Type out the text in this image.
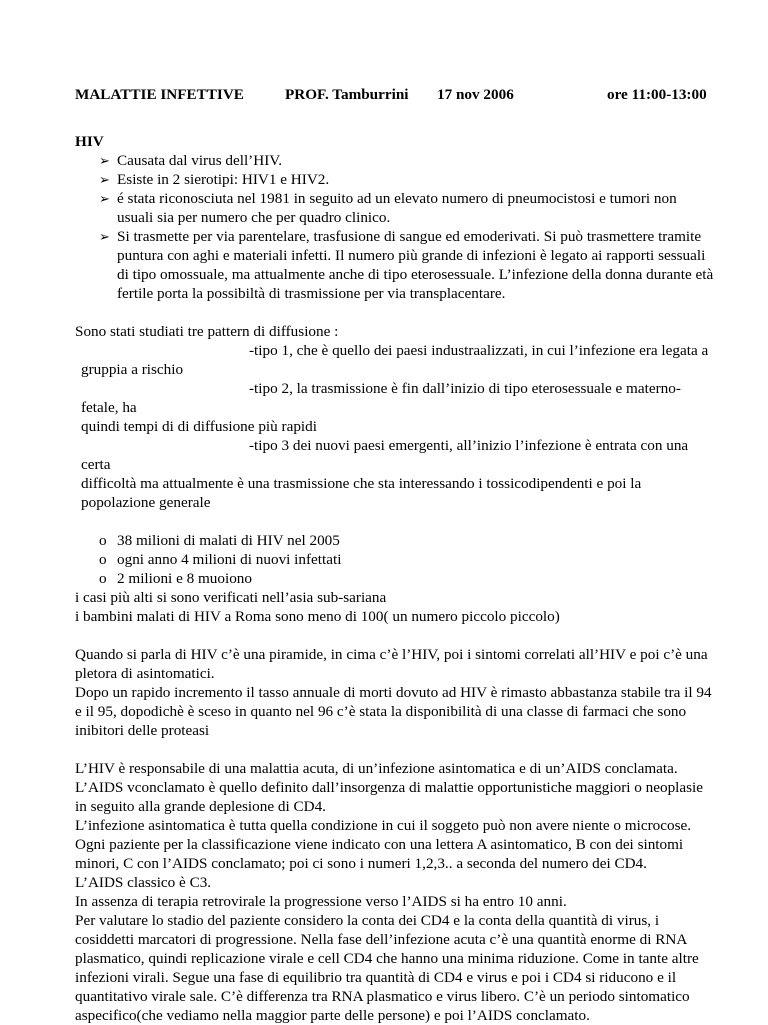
MALATTIE INFETTIVE	PROF. Tamburrini 17 nov 2006	ore 11:00-13:00

HIV

➢ Causata dal virus dell’HIV.
➢ Esiste in 2 sierotipi: HIV1 e HIV2.
➢ é stata riconosciuta nel 1981 in seguito ad un elevato numero di pneumocistosi e tumori non usuali sia per numero che per quadro clinico.
➢ Si trasmette per via parentelare, trasfusione di sangue ed emoderivati. Si può trasmettere tramite puntura con aghi e materiali infetti. Il numero più grande di infezioni è legato ai rapporti sessuali di tipo omossuale, ma attualmente anche di tipo eterosessuale. L’infezione della donna durante età fertile porta la possibiltà di trasmissione per via transplacentare.

Sono stati studiati tre pattern di diffusione :

-tipo 1, che è quello dei paesi industraalizzati, in cui l’infezione era legata a
gruppia a rischio

-tipo 2, la trasmissione è fin dall’inizio di tipo eterosessuale e materno-fetale, ha
quindi tempi di di diffusione più rapidi

-tipo 3 dei nuovi paesi emergenti, all’inizio l’infezione è entrata con una certa
difficoltà ma attualmente è una trasmissione che sta interessando i tossicodipendenti e poi la popolazione generale

o 38 milioni di malati di HIV nel 2005
o ogni anno 4 milioni di nuovi infettati
o 2 milioni e 8 muoiono

i casi più alti si sono verificati nell’asia sub-sariana

i bambini malati di HIV a Roma sono meno di 100( un numero piccolo piccolo)

Quando si parla di HIV c’è una piramide, in cima c’è l’HIV, poi i sintomi correlati all’HIV e poi c’è una pletora di asintomatici.

Dopo un rapido incremento il tasso annuale di morti dovuto ad HIV è rimasto abbastanza stabile tra il 94 e il 95, dopodichè è sceso in quanto nel 96 c’è stata la disponibilità di una classe di farmaci che sono inibitori delle proteasi

L’HIV è responsabile di una malattia acuta, di un’infezione asintomatica e di un’AIDS conclamata.

L’AIDS vconclamato è quello definito dall’insorgenza di malattie opportunistiche maggiori o neoplasie in seguito alla grande deplesione di CD4.

L’infezione asintomatica è tutta quella condizione in cui il soggeto può non avere niente o microcose.

Ogni paziente per la classificazione viene indicato con una lettera A asintomatico, B con dei sintomi minori, C con l’AIDS conclamato; poi ci sono i numeri 1,2,3.. a seconda del numero dei CD4.

L’AIDS classico è C3.

In assenza di terapia retrovirale la progressione verso l’AIDS si ha entro 10 anni.

Per valutare lo stadio del paziente considero la conta dei CD4 e la conta della quantità di virus, i cosiddetti marcatori di progressione. Nella fase dell’infezione acuta c’è una quantità enorme di RNA plasmatico, quindi replicazione virale e cell CD4 che hanno una minima riduzione. Come in tante altre infezioni virali. Segue una fase di equilibrio tra quantità di CD4 e virus e poi i CD4 si riducono e il quantitativo virale sale. C’è differenza tra RNA plasmatico e virus libero. C’è un periodo sintomatico aspecifico(che vediamo nella maggior parte delle persone) e poi l’AIDS conclamato.
